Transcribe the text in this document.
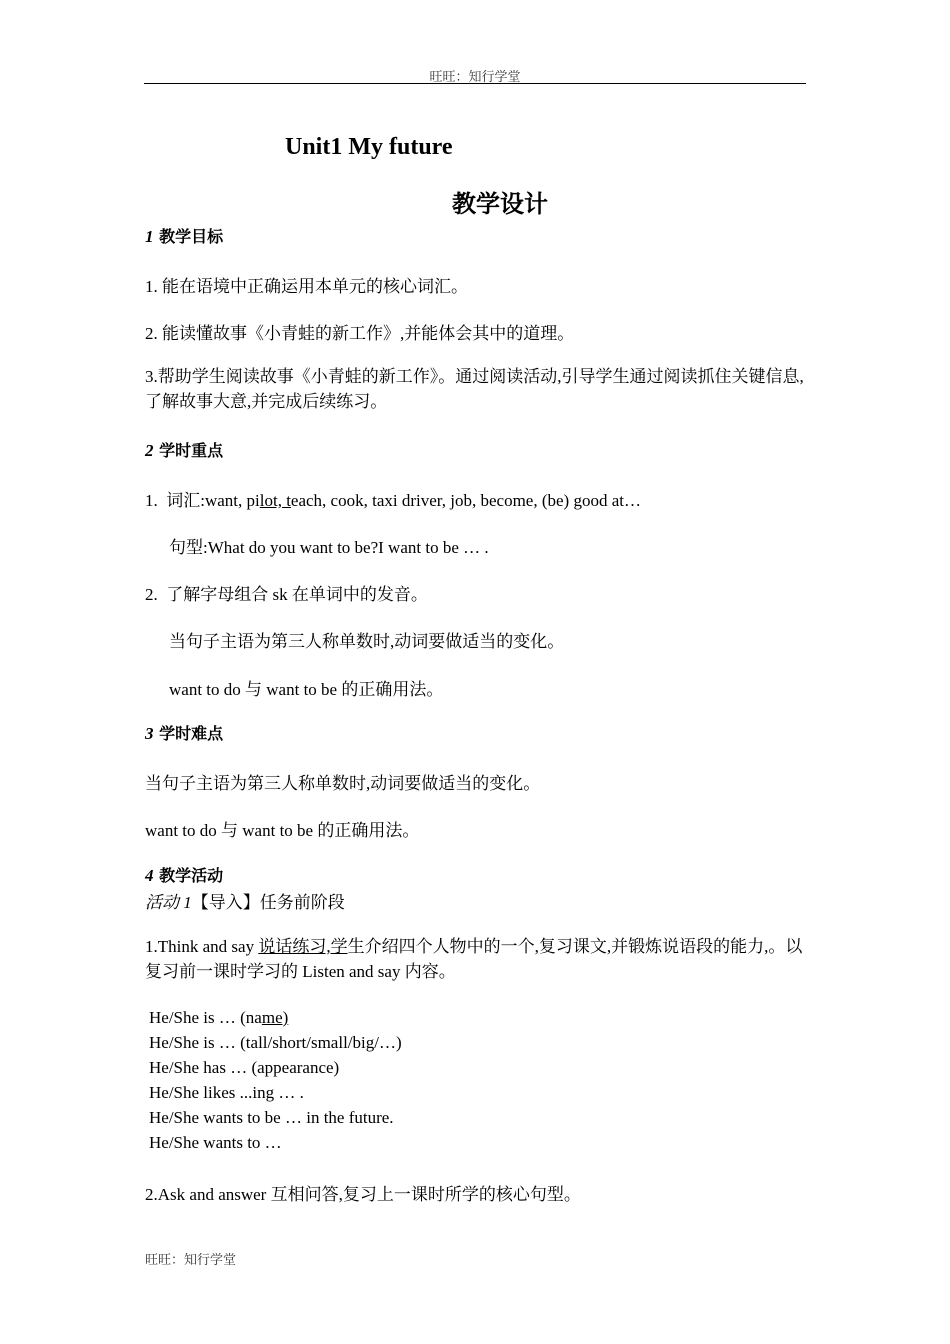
旺旺：知行学堂
Unit1 My future
教学设计
1 教学目标
1. 能在语境中正确运用本单元的核心词汇。
2. 能读懂故事《小青蛙的新工作》,并能体会其中的道理。
3.帮助学生阅读故事《小青蛙的新工作》。通过阅读活动,引导学生通过阅读抓住关键信息,了解故事大意,并完成后续练习。
2 学时重点
1. 词汇:want, pilot, teach, cook, taxi driver, job, become, (be) good at…
句型:What do you want to be?I want to be … .
2. 了解字母组合 sk 在单词中的发音。
当句子主语为第三人称单数时,动词要做适当的变化。
want to do 与 want to be 的正确用法。
3 学时难点
当句子主语为第三人称单数时,动词要做适当的变化。
want to do 与 want to be 的正确用法。
4 教学活动
活动 1【导入】任务前阶段
1.Think and say 说话练习,学生介绍四个人物中的一个,复习课文,并锻炼说语段的能力,。以复习前一课时学习的 Listen and say 内容。
He/She is … (name)
He/She is … (tall/short/small/big/…)
He/She has … (appearance)
He/She likes ...ing … .
He/She wants to be … in the future.
He/She wants to …
2.Ask and answer 互相问答,复习上一课时所学的核心句型。
旺旺：知行学堂
